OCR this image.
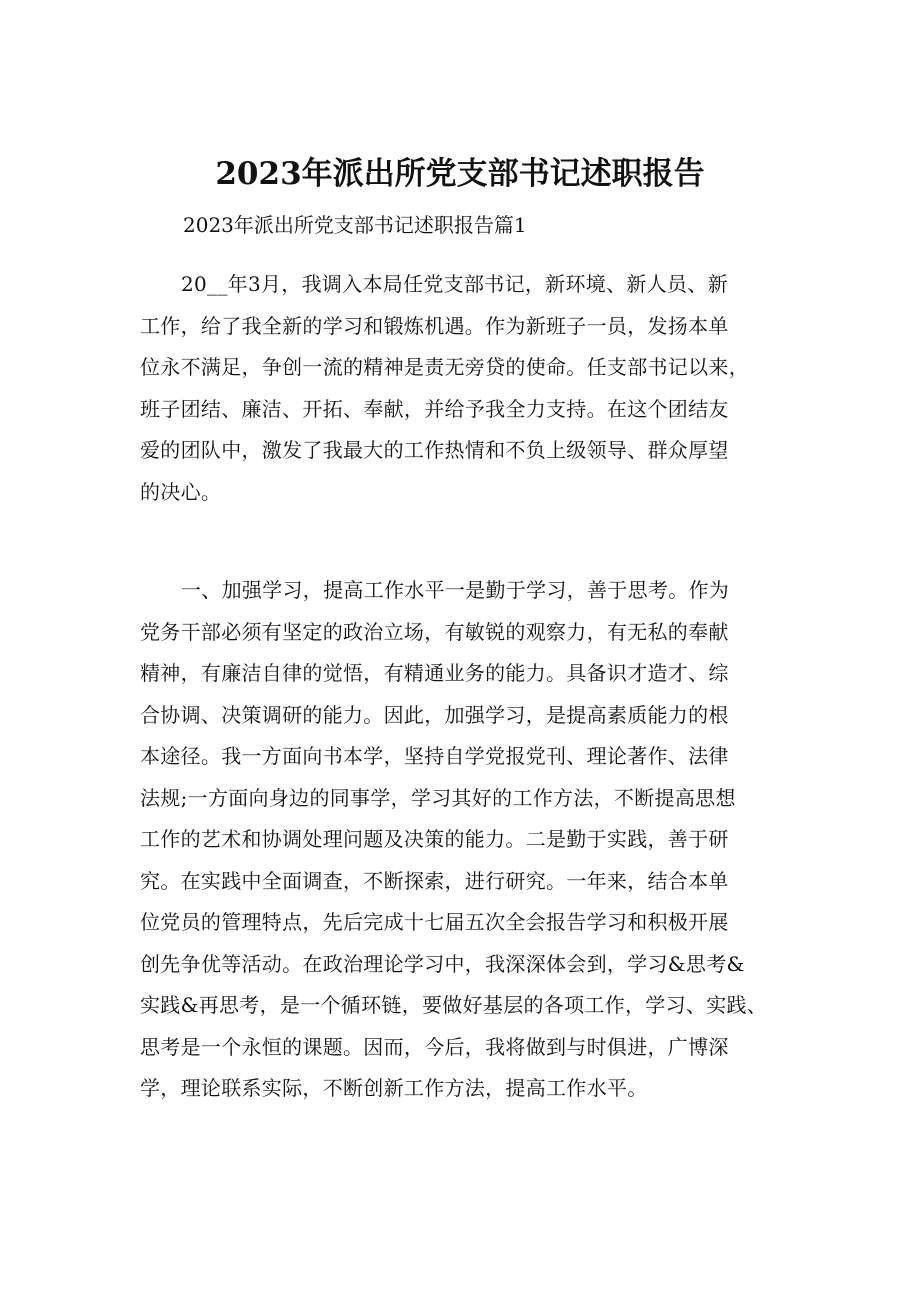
2023年派出所党支部书记述职报告
2023年派出所党支部书记述职报告篇1
20__年3月，我调入本局任党支部书记，新环境、新人员、新
工作，给了我全新的学习和锻炼机遇。作为新班子一员，发扬本单
位永不满足，争创一流的精神是责无旁贷的使命。任支部书记以来，
班子团结、廉洁、开拓、奉献，并给予我全力支持。在这个团结友
爱的团队中，激发了我最大的工作热情和不负上级领导、群众厚望
的决心。
一、加强学习，提高工作水平一是勤于学习，善于思考。作为
党务干部必须有坚定的政治立场，有敏锐的观察力，有无私的奉献
精神，有廉洁自律的觉悟，有精通业务的能力。具备识才造才、综
合协调、决策调研的能力。因此，加强学习，是提高素质能力的根
本途径。我一方面向书本学，坚持自学党报党刊、理论著作、法律
法规;一方面向身边的同事学，学习其好的工作方法，不断提高思想
工作的艺术和协调处理问题及决策的能力。二是勤于实践，善于研
究。在实践中全面调查，不断探索，进行研究。一年来，结合本单
位党员的管理特点，先后完成十七届五次全会报告学习和积极开展
创先争优等活动。在政治理论学习中，我深深体会到，学习&思考&
实践&再思考，是一个循环链，要做好基层的各项工作，学习、实践、
思考是一个永恒的课题。因而，今后，我将做到与时俱进，广博深
学，理论联系实际，不断创新工作方法，提高工作水平。
